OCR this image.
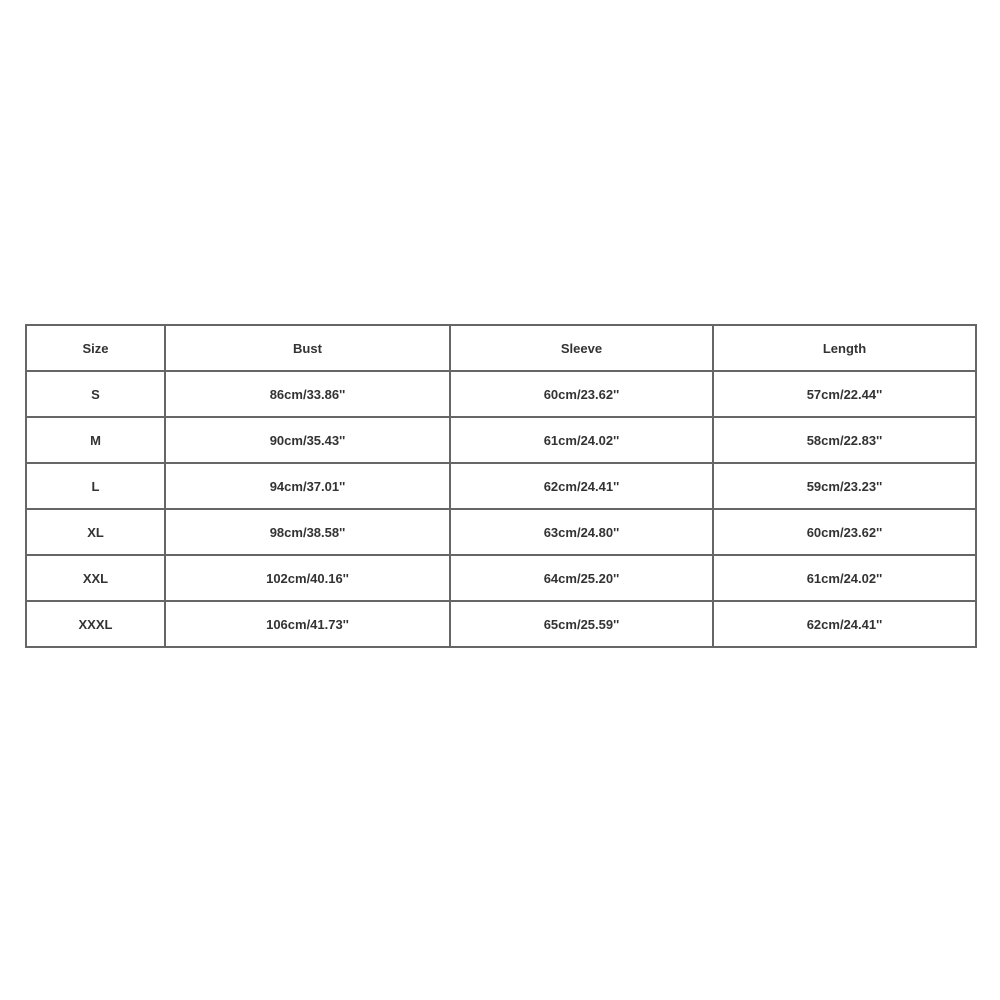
Size	Bust	Sleeve	Length
S	86cm/33.86''	60cm/23.62''	57cm/22.44''
M	90cm/35.43''	61cm/24.02''	58cm/22.83''
L	94cm/37.01''	62cm/24.41''	59cm/23.23''
XL	98cm/38.58''	63cm/24.80''	60cm/23.62''
XXL	102cm/40.16''	64cm/25.20''	61cm/24.02''
XXXL	106cm/41.73''	65cm/25.59''	62cm/24.41''
